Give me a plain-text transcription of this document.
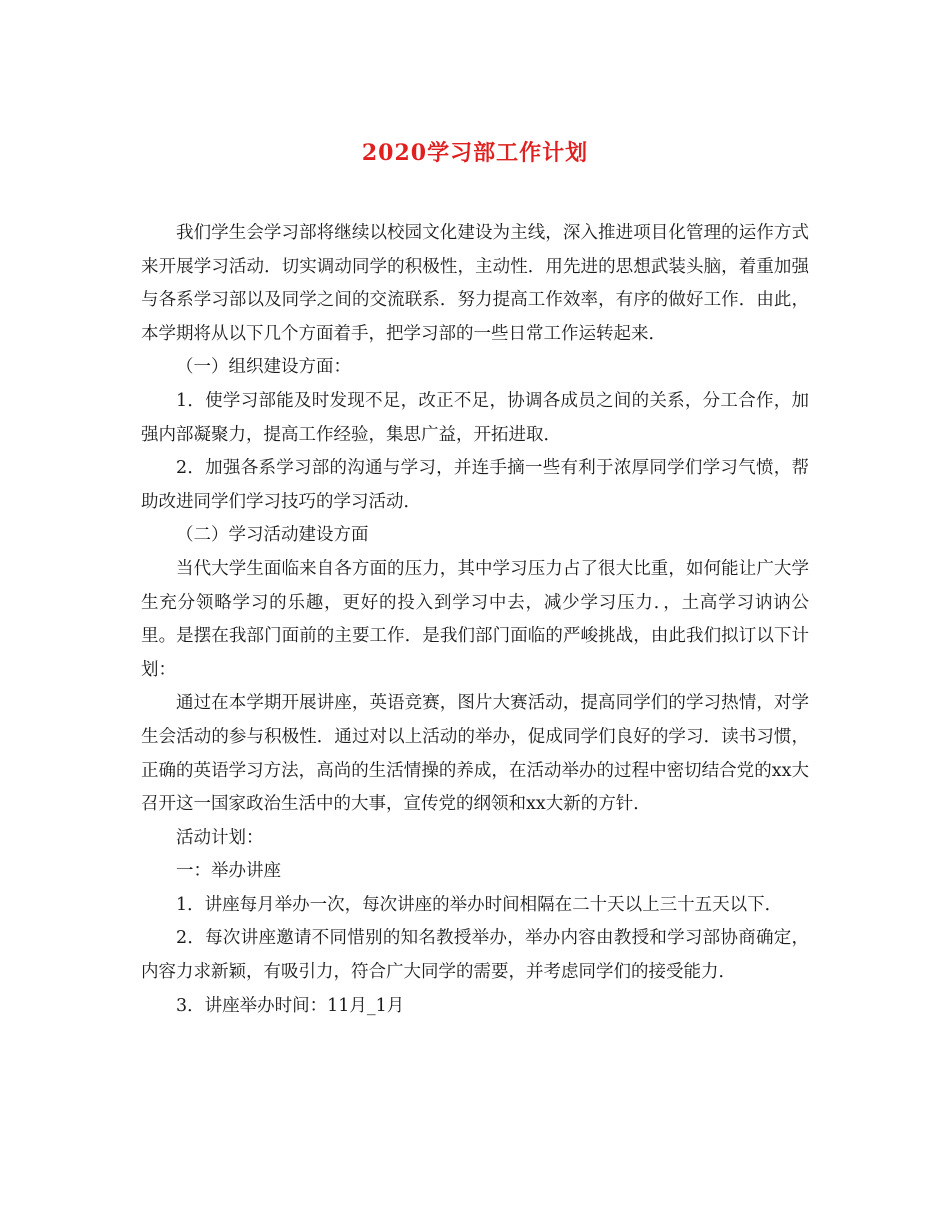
2020学习部工作计划

我们学生会学习部将继续以校园文化建设为主线，深入推进项目化管理的运作方式来开展学习活动．切实调动同学的积极性，主动性．用先进的思想武装头脑，着重加强与各系学习部以及同学之间的交流联系．努力提高工作效率，有序的做好工作．由此，本学期将从以下几个方面着手，把学习部的一些日常工作运转起来．

（一）组织建设方面：

1．使学习部能及时发现不足，改正不足，协调各成员之间的关系，分工合作，加强内部凝聚力，提高工作经验，集思广益，开拓进取．

2．加强各系学习部的沟通与学习，并连手摘一些有利于浓厚同学们学习气愤，帮助改进同学们学习技巧的学习活动．

（二）学习活动建设方面

当代大学生面临来自各方面的压力，其中学习压力占了很大比重，如何能让广大学生充分领略学习的乐趣，更好的投入到学习中去，减少学习压力．，土高学习讷讷公里。是摆在我部门面前的主要工作．是我们部门面临的严峻挑战，由此我们拟订以下计划：

通过在本学期开展讲座，英语竞赛，图片大赛活动，提高同学们的学习热情，对学生会活动的参与积极性．通过对以上活动的举办，促成同学们良好的学习．读书习惯，正确的英语学习方法，高尚的生活情操的养成，在活动举办的过程中密切结合党的xx大召开这一国家政治生活中的大事，宣传党的纲领和xx大新的方针．

活动计划：

一：举办讲座

1．讲座每月举办一次，每次讲座的举办时间相隔在二十天以上三十五天以下．

2．每次讲座邀请不同惜别的知名教授举办，举办内容由教授和学习部协商确定，内容力求新颖，有吸引力，符合广大同学的需要，并考虑同学们的接受能力．

3．讲座举办时间：11月_1月
